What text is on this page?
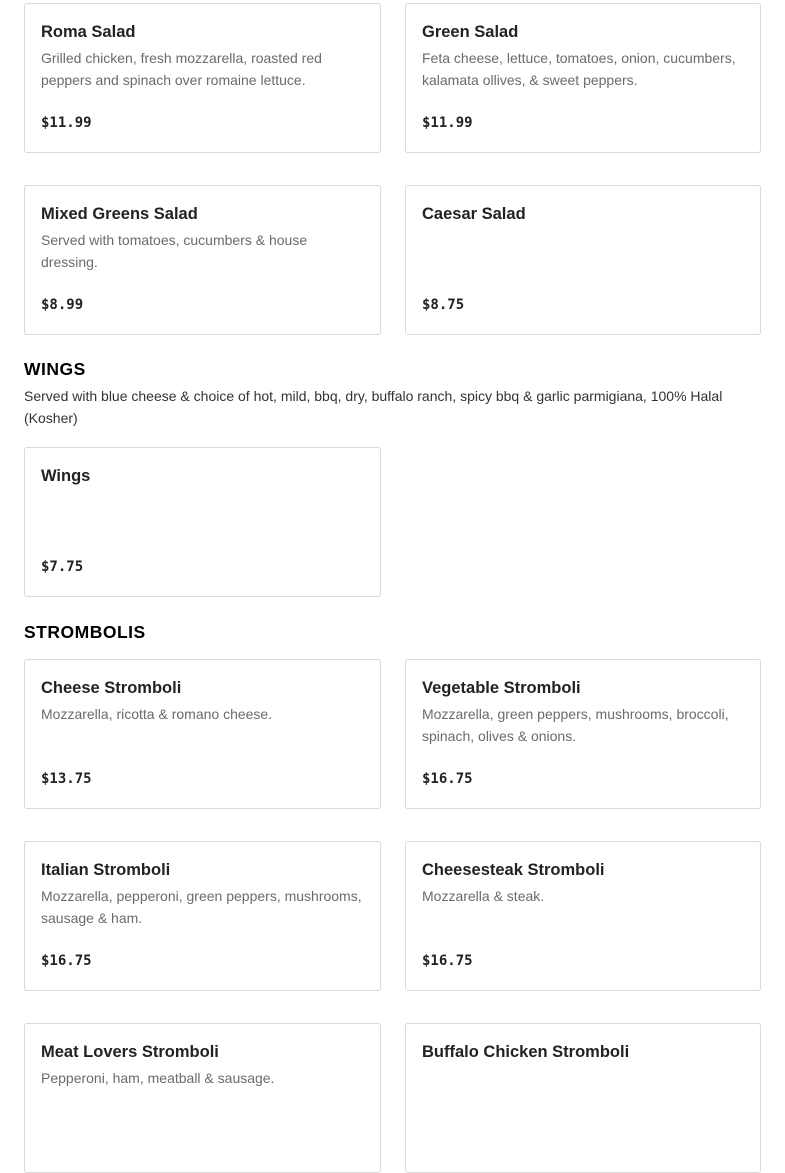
Roma Salad
Grilled chicken, fresh mozzarella, roasted red peppers and spinach over romaine lettuce.
$11.99
Green Salad
Feta cheese, lettuce, tomatoes, onion, cucumbers, kalamata ollives, & sweet peppers.
$11.99
Mixed Greens Salad
Served with tomatoes, cucumbers & house dressing.
$8.99
Caesar Salad
$8.75
WINGS
Served with blue cheese & choice of hot, mild, bbq, dry, buffalo ranch, spicy bbq & garlic parmigiana, 100% Halal (Kosher)
Wings
$7.75
STROMBOLIS
Cheese Stromboli
Mozzarella, ricotta & romano cheese.
$13.75
Vegetable Stromboli
Mozzarella, green peppers, mushrooms, broccoli, spinach, olives & onions.
$16.75
Italian Stromboli
Mozzarella, pepperoni, green peppers, mushrooms, sausage & ham.
$16.75
Cheesesteak Stromboli
Mozzarella & steak.
$16.75
Meat Lovers Stromboli
Pepperoni, ham, meatball & sausage.
Buffalo Chicken Stromboli
